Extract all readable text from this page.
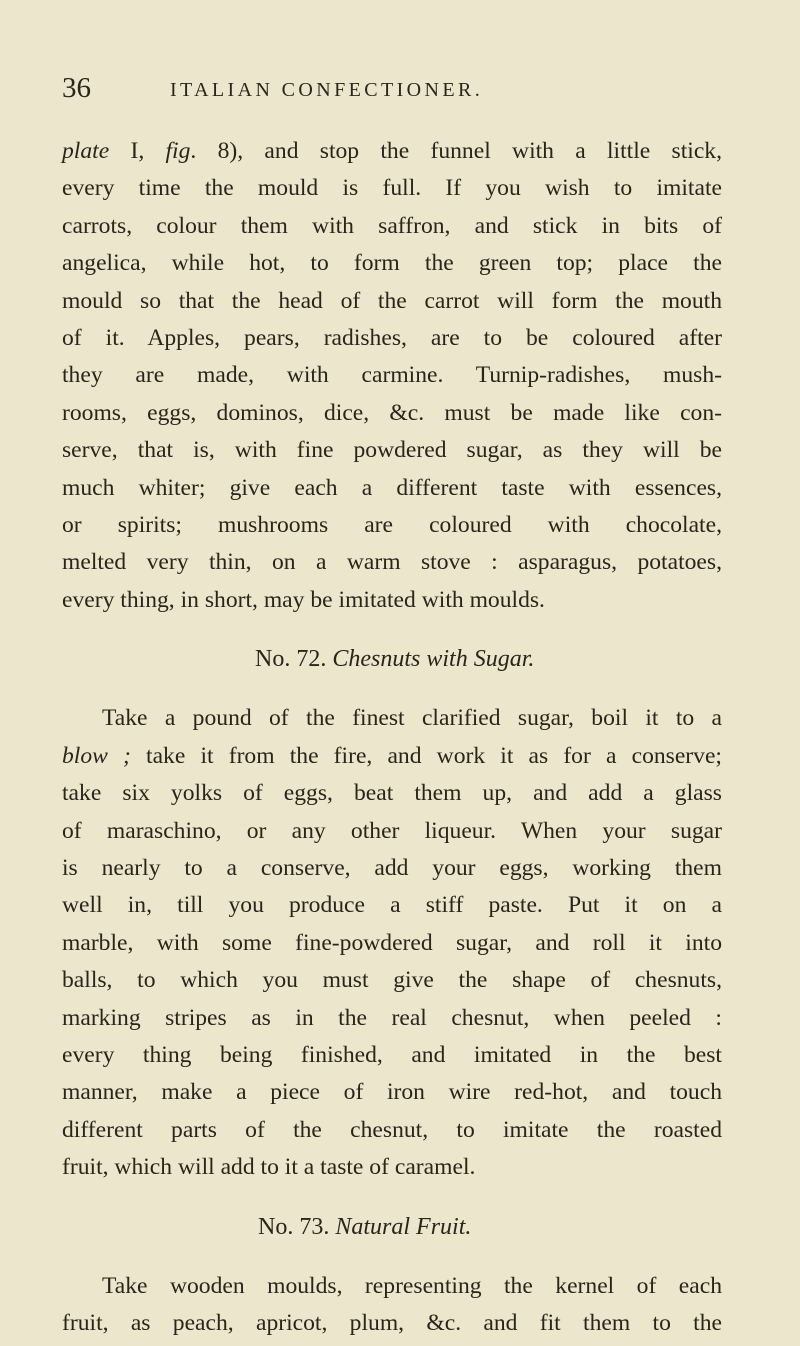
36	ITALIAN CONFECTIONER.
plate I, fig. 8), and stop the funnel with a little stick,
every time the mould is full. If you wish to imitate
carrots, colour them with saffron, and stick in bits of
angelica, while hot, to form the green top; place the
mould so that the head of the carrot will form the mouth
of it. Apples, pears, radishes, are to be coloured after
they are made, with carmine. Turnip-radishes, mush-
rooms, eggs, dominos, dice, &c. must be made like con-
serve, that is, with fine powdered sugar, as they will be
much whiter; give each a different taste with essences,
or spirits; mushrooms are coloured with chocolate,
melted very thin, on a warm stove : asparagus, potatoes,
every thing, in short, may be imitated with moulds.
No. 72. Chesnuts with Sugar.
Take a pound of the finest clarified sugar, boil it to a
blow ; take it from the fire, and work it as for a conserve;
take six yolks of eggs, beat them up, and add a glass
of maraschino, or any other liqueur. When your sugar
is nearly to a conserve, add your eggs, working them
well in, till you produce a stiff paste. Put it on a
marble, with some fine-powdered sugar, and roll it into
balls, to which you must give the shape of chesnuts,
marking stripes as in the real chesnut, when peeled :
every thing being finished, and imitated in the best
manner, make a piece of iron wire red-hot, and touch
different parts of the chesnut, to imitate the roasted
fruit, which will add to it a taste of caramel.
No. 73. Natural Fruit.
Take wooden moulds, representing the kernel of each
fruit, as peach, apricot, plum, &c. and fit them to the
